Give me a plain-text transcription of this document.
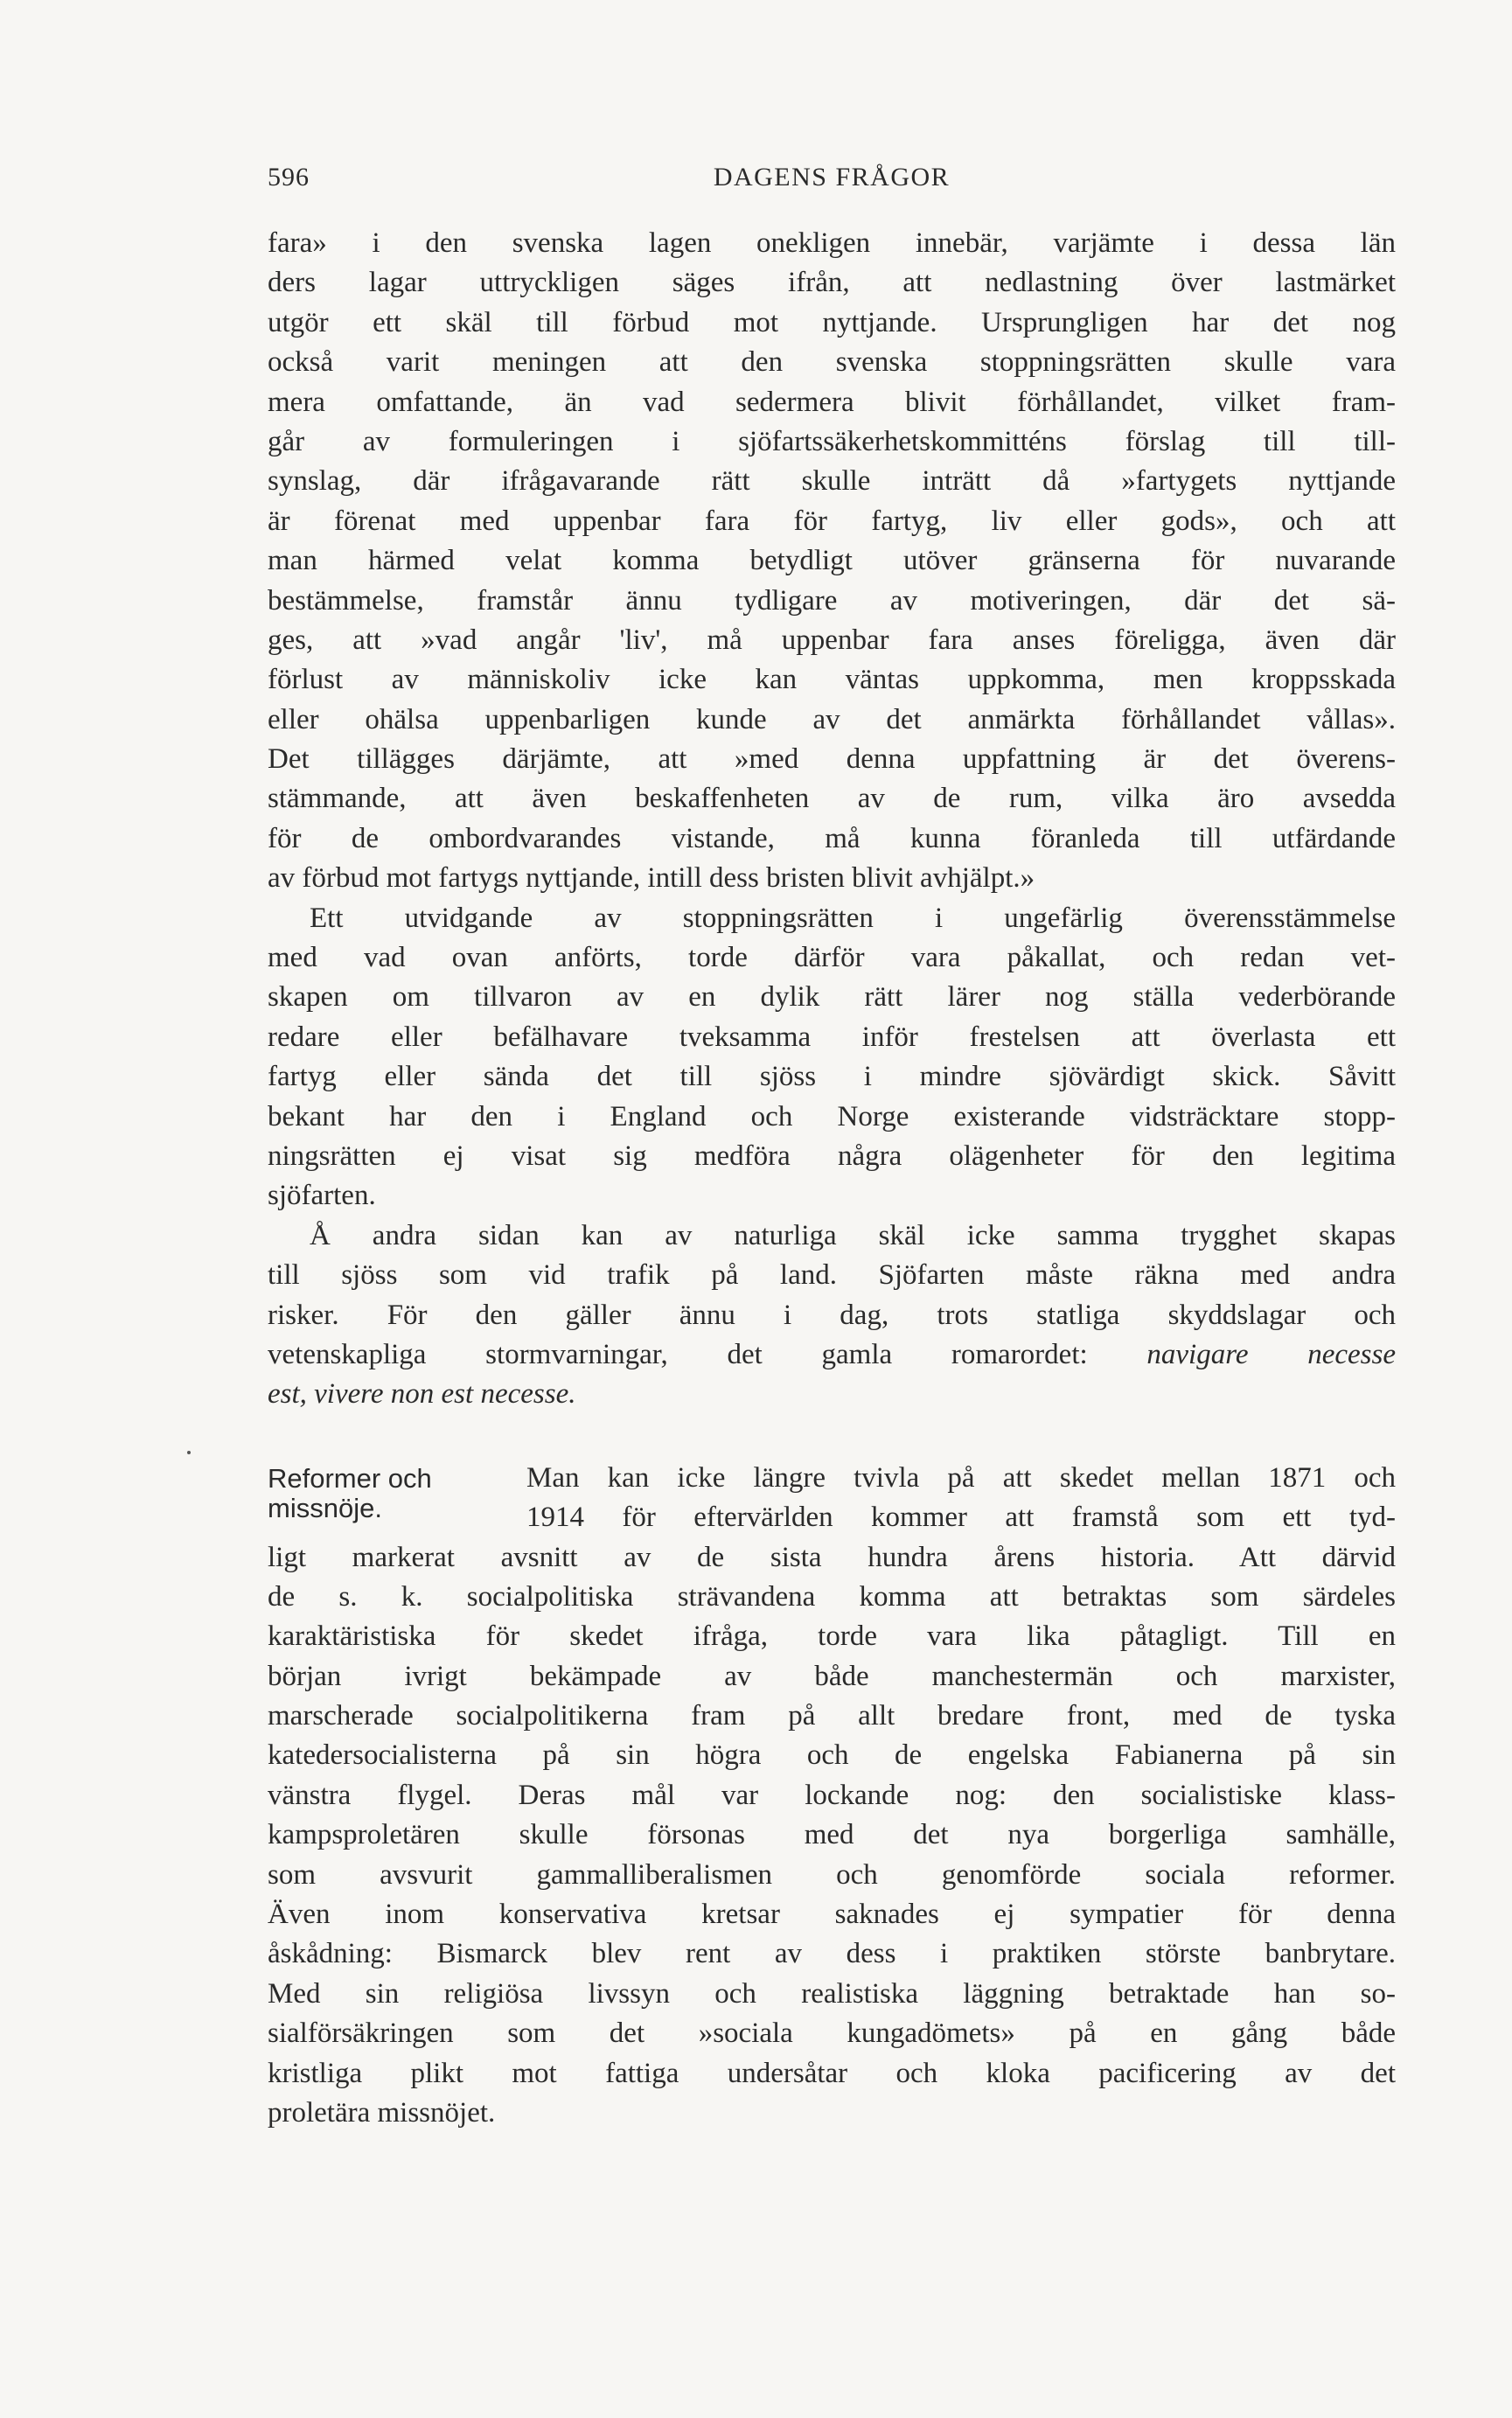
596	DAGENS FRÅGOR
fara» i den svenska lagen onekligen innebär, varjämte i dessa län
ders lagar uttryckligen säges ifrån, att nedlastning över lastmärket
utgör ett skäl till förbud mot nyttjande. Ursprungligen har det nog
också varit meningen att den svenska stoppningsrätten skulle vara
mera omfattande, än vad sedermera blivit förhållandet, vilket fram-
går av formuleringen i sjöfartssäkerhetskommitténs förslag till till-
synslag, där ifrågavarande rätt skulle inträtt då »fartygets nyttjande
är förenat med uppenbar fara för fartyg, liv eller gods», och att
man härmed velat komma betydligt utöver gränserna för nuvarande
bestämmelse, framstår ännu tydligare av motiveringen, där det sä-
ges, att »vad angår 'liv', må uppenbar fara anses föreligga, även där
förlust av människoliv icke kan väntas uppkomma, men kroppsskada
eller ohälsa uppenbarligen kunde av det anmärkta förhållandet vållas».
Det tillägges därjämte, att »med denna uppfattning är det överens-
stämmande, att även beskaffenheten av de rum, vilka äro avsedda
för de ombordvarandes vistande, må kunna föranleda till utfärdande
av förbud mot fartygs nyttjande, intill dess bristen blivit avhjälpt.»
Ett utvidgande av stoppningsrätten i ungefärlig överensstämmelse
med vad ovan anförts, torde därför vara påkallat, och redan vet-
skapen om tillvaron av en dylik rätt lärer nog ställa vederbörande
redare eller befälhavare tveksamma inför frestelsen att överlasta ett
fartyg eller sända det till sjöss i mindre sjövärdigt skick. Såvitt
bekant har den i England och Norge existerande vidsträcktare stopp-
ningsrätten ej visat sig medföra några olägenheter för den legitima
sjöfarten.
Å andra sidan kan av naturliga skäl icke samma trygghet skapas
till sjöss som vid trafik på land. Sjöfarten måste räkna med andra
risker. För den gäller ännu i dag, trots statliga skyddslagar och
vetenskapliga stormvarningar, det gamla romarordet: navigare necesse
est, vivere non est necesse.
Reformer och
missnöje.
Man kan icke längre tvivla på att skedet mellan 1871 och
1914 för eftervärlden kommer att framstå som ett tyd-
ligt markerat avsnitt av de sista hundra årens historia. Att därvid
de s. k. socialpolitiska strävandena komma att betraktas som särdeles
karaktäristiska för skedet ifråga, torde vara lika påtagligt. Till en
början ivrigt bekämpade av både manchestermän och marxister,
marscherade socialpolitikerna fram på allt bredare front, med de tyska
katedersocialisterna på sin högra och de engelska Fabianerna på sin
vänstra flygel. Deras mål var lockande nog: den socialistiske klass-
kampsproletären skulle försonas med det nya borgerliga samhälle,
som avsvurit gammalliberalismen och genomförde sociala reformer.
Även inom konservativa kretsar saknades ej sympatier för denna
åskådning: Bismarck blev rent av dess i praktiken störste banbrytare.
Med sin religiösa livssyn och realistiska läggning betraktade han so-
sialförsäkringen som det »sociala kungadömets» på en gång både
kristliga plikt mot fattiga undersåtar och kloka pacificering av det
proletära missnöjet.
